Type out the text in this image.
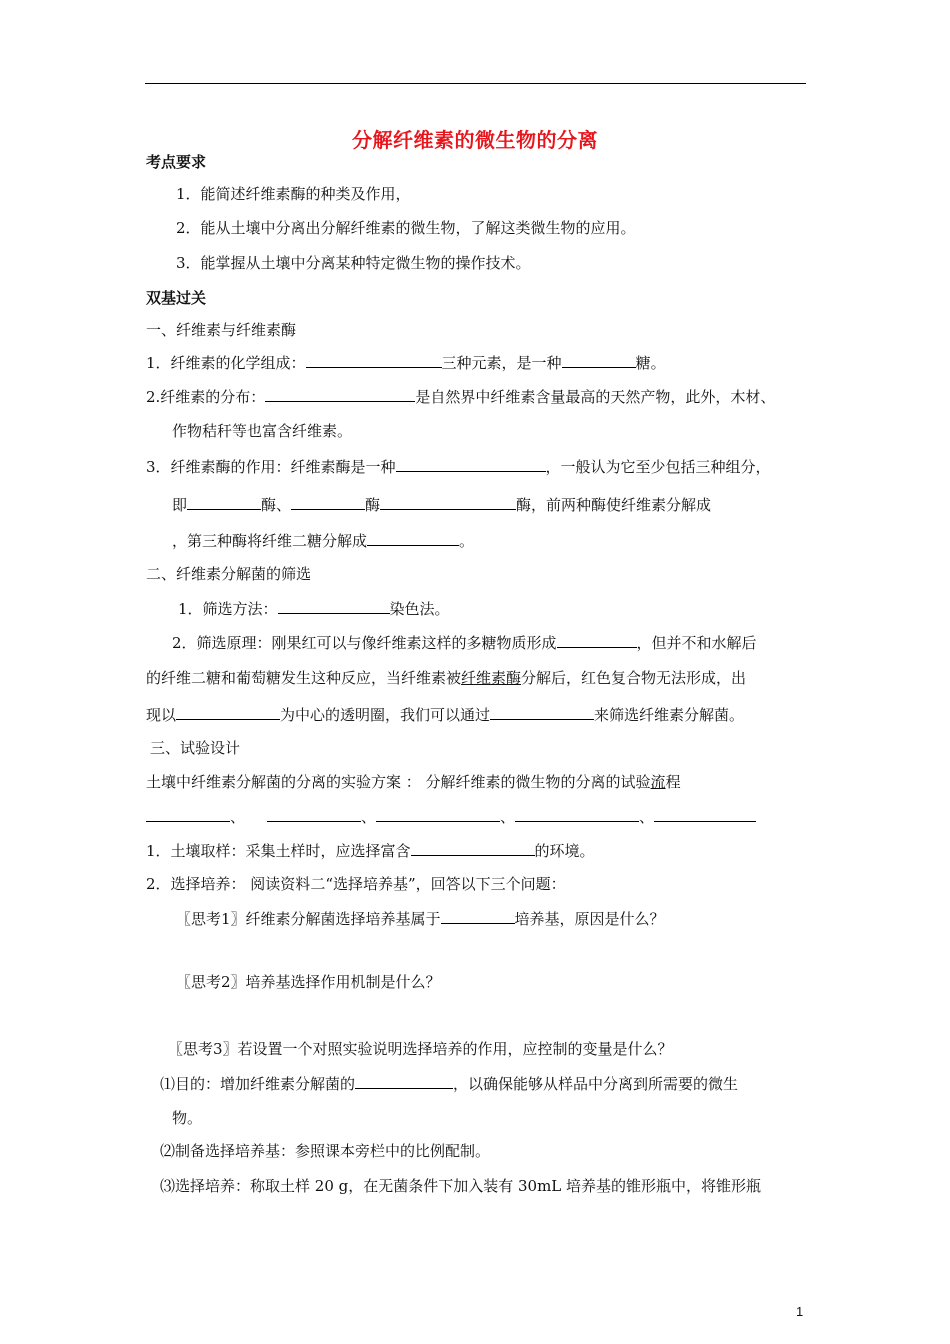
分解纤维素的微生物的分离
考点要求
1．能简述纤维素酶的种类及作用，
2．能从土壤中分离出分解纤维素的微生物，了解这类微生物的应用。
3．能掌握从土壤中分离某种特定微生物的操作技术。
双基过关
一、纤维素与纤维素酶
1．纤维素的化学组成：	三种元素，是一种	糖。
2.纤维素的分布：	是自然界中纤维素含量最高的天然产物，此外，木材、
作物秸秆等也富含纤维素。
3．纤维素酶的作用：纤维素酶是一种	，一般认为它至少包括三种组分，
即	酶、	酶	酶，前两种酶使纤维素分解成
，第三种酶将纤维二糖分解成	。
二、纤维素分解菌的筛选
1．筛选方法：	染色法。
2．筛选原理：刚果红可以与像纤维素这样的多糖物质形成	，但并不和水解后
的纤维二糖和葡萄糖发生这种反应，当纤维素被纤维素酶分解后，红色复合物无法形成，出
现以	为中心的透明圈，我们可以通过	来筛选纤维素分解菌。
三、试验设计
土壤中纤维素分解菌的分离的实验方案 ： 分解纤维素的微生物的分离的试验流程
、	、	、	、
1．土壤取样：采集土样时，应选择富含	的环境。
2．选择培养： 阅读资料二“选择培养基”，回答以下三个问题：
〖思考1〗纤维素分解菌选择培养基属于	培养基，原因是什么？
〖思考2〗培养基选择作用机制是什么？
〖思考3〗若设置一个对照实验说明选择培养的作用，应控制的变量是什么？
⑴目的：增加纤维素分解菌的	，以确保能够从样品中分离到所需要的微生
物。
⑵制备选择培养基：参照课本旁栏中的比例配制。
⑶选择培养：称取土样 20 g，在无菌条件下加入装有 30mL 培养基的锥形瓶中，将锥形瓶
1
